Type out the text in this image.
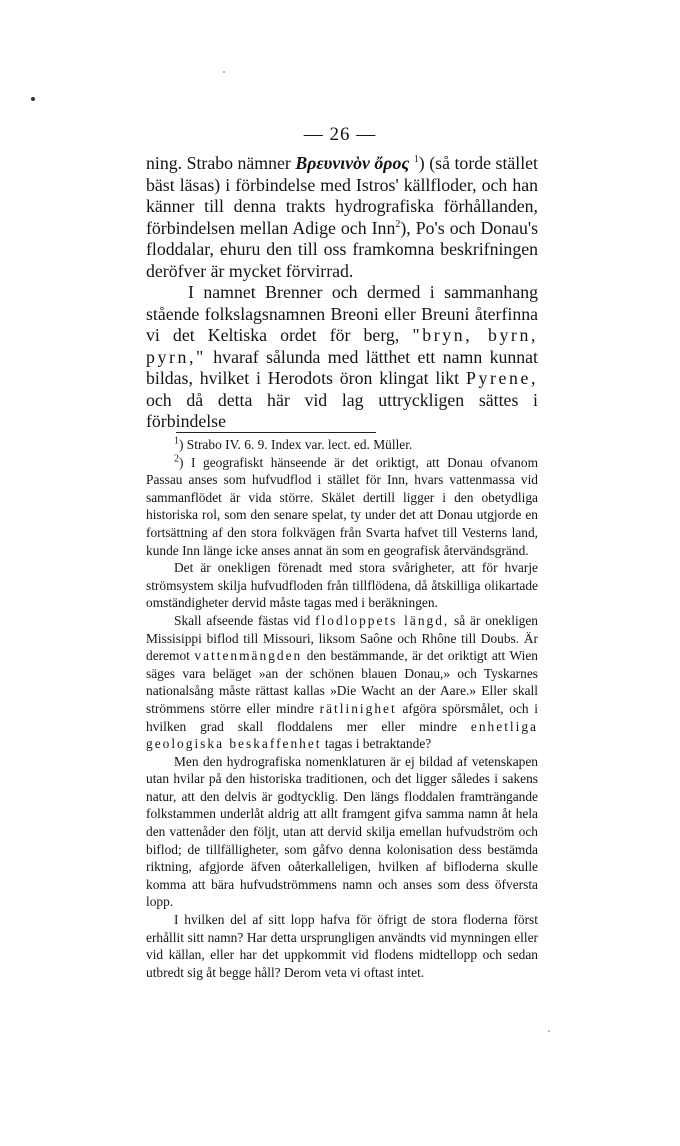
— 26 —

ning. Strabo nämner Βρευνινὸν ὄρος $^1$) (så torde stället bäst läsas) i förbindelse med Istros' källfloder, och han känner till denna trakts hydrografiska förhållanden, förbindelsen mellan Adige och Inn$^2$), Po's och Donau's floddalar, ehuru den till oss framkomna beskrifningen deröfver är mycket förvirrad.

I namnet Brenner och dermed i sammanhang stående folkslagsnamnen Breoni eller Breuni återfinna vi det Keltiska ordet för berg, "bryn, byrn, pyrn," hvaraf sålunda med lätthet ett namn kunnat bildas, hvilket i Herodots öron klingat likt Pyrene, och då detta här vid lag uttryckligen sättes i förbindelse

$^1$) Strabo IV. 6. 9. Index var. lect. ed. Müller.

$^2$) I geografiskt hänseende är det oriktigt, att Donau ofvanom Passau anses som hufvudflod i stället för Inn, hvars vattenmassa vid sammanflödet är vida större. Skälet dertill ligger i den obetydliga historiska rol, som den senare spelat, ty under det att Donau utgjorde en fortsättning af den stora folkvägen från Svarta hafvet till Vesterns land, kunde Inn länge icke anses annat än som en geografisk återvändsgränd.

Det är onekligen förenadt med stora svårigheter, att för hvarje strömsystem skilja hufvudfloden från tillflödena, då åtskilliga olikartade omständigheter dervid måste tagas med i beräkningen.

Skall afseende fästas vid flodloppets längd, så är onekligen Missisippi biflod till Missouri, liksom Saône och Rhône till Doubs. Är deremot vattenmängden den bestämmande, är det oriktigt att Wien säges vara beläget »an der schönen blauen Donau,» och Tyskarnes nationalsång måste rättast kallas »Die Wacht an der Aare.» Eller skall strömmens större eller mindre rätlinighet afgöra spörsmålet, och i hvilken grad skall floddalens mer eller mindre enhetliga geologiska beskaffenhet tagas i betraktande?

Men den hydrografiska nomenklaturen är ej bildad af vetenskapen utan hvilar på den historiska traditionen, och det ligger således i sakens natur, att den delvis är godtycklig. Den längs floddalen framträngande folkstammen underlåt aldrig att allt framgent gifva samma namn åt hela den vattenåder den följt, utan att dervid skilja emellan hufvudström och biflod; de tillfälligheter, som gåfvo denna kolonisation dess bestämda riktning, afgjorde äfven oåterkalleligen, hvilken af bifloderna skulle komma att bära hufvudströmmens namn och anses som dess öfversta lopp.

I hvilken del af sitt lopp hafva för öfrigt de stora floderna först erhållit sitt namn? Har detta ursprungligen användts vid mynningen eller vid källan, eller har det uppkommit vid flodens midtellopp och sedan utbredt sig åt begge håll? Derom veta vi oftast intet.
